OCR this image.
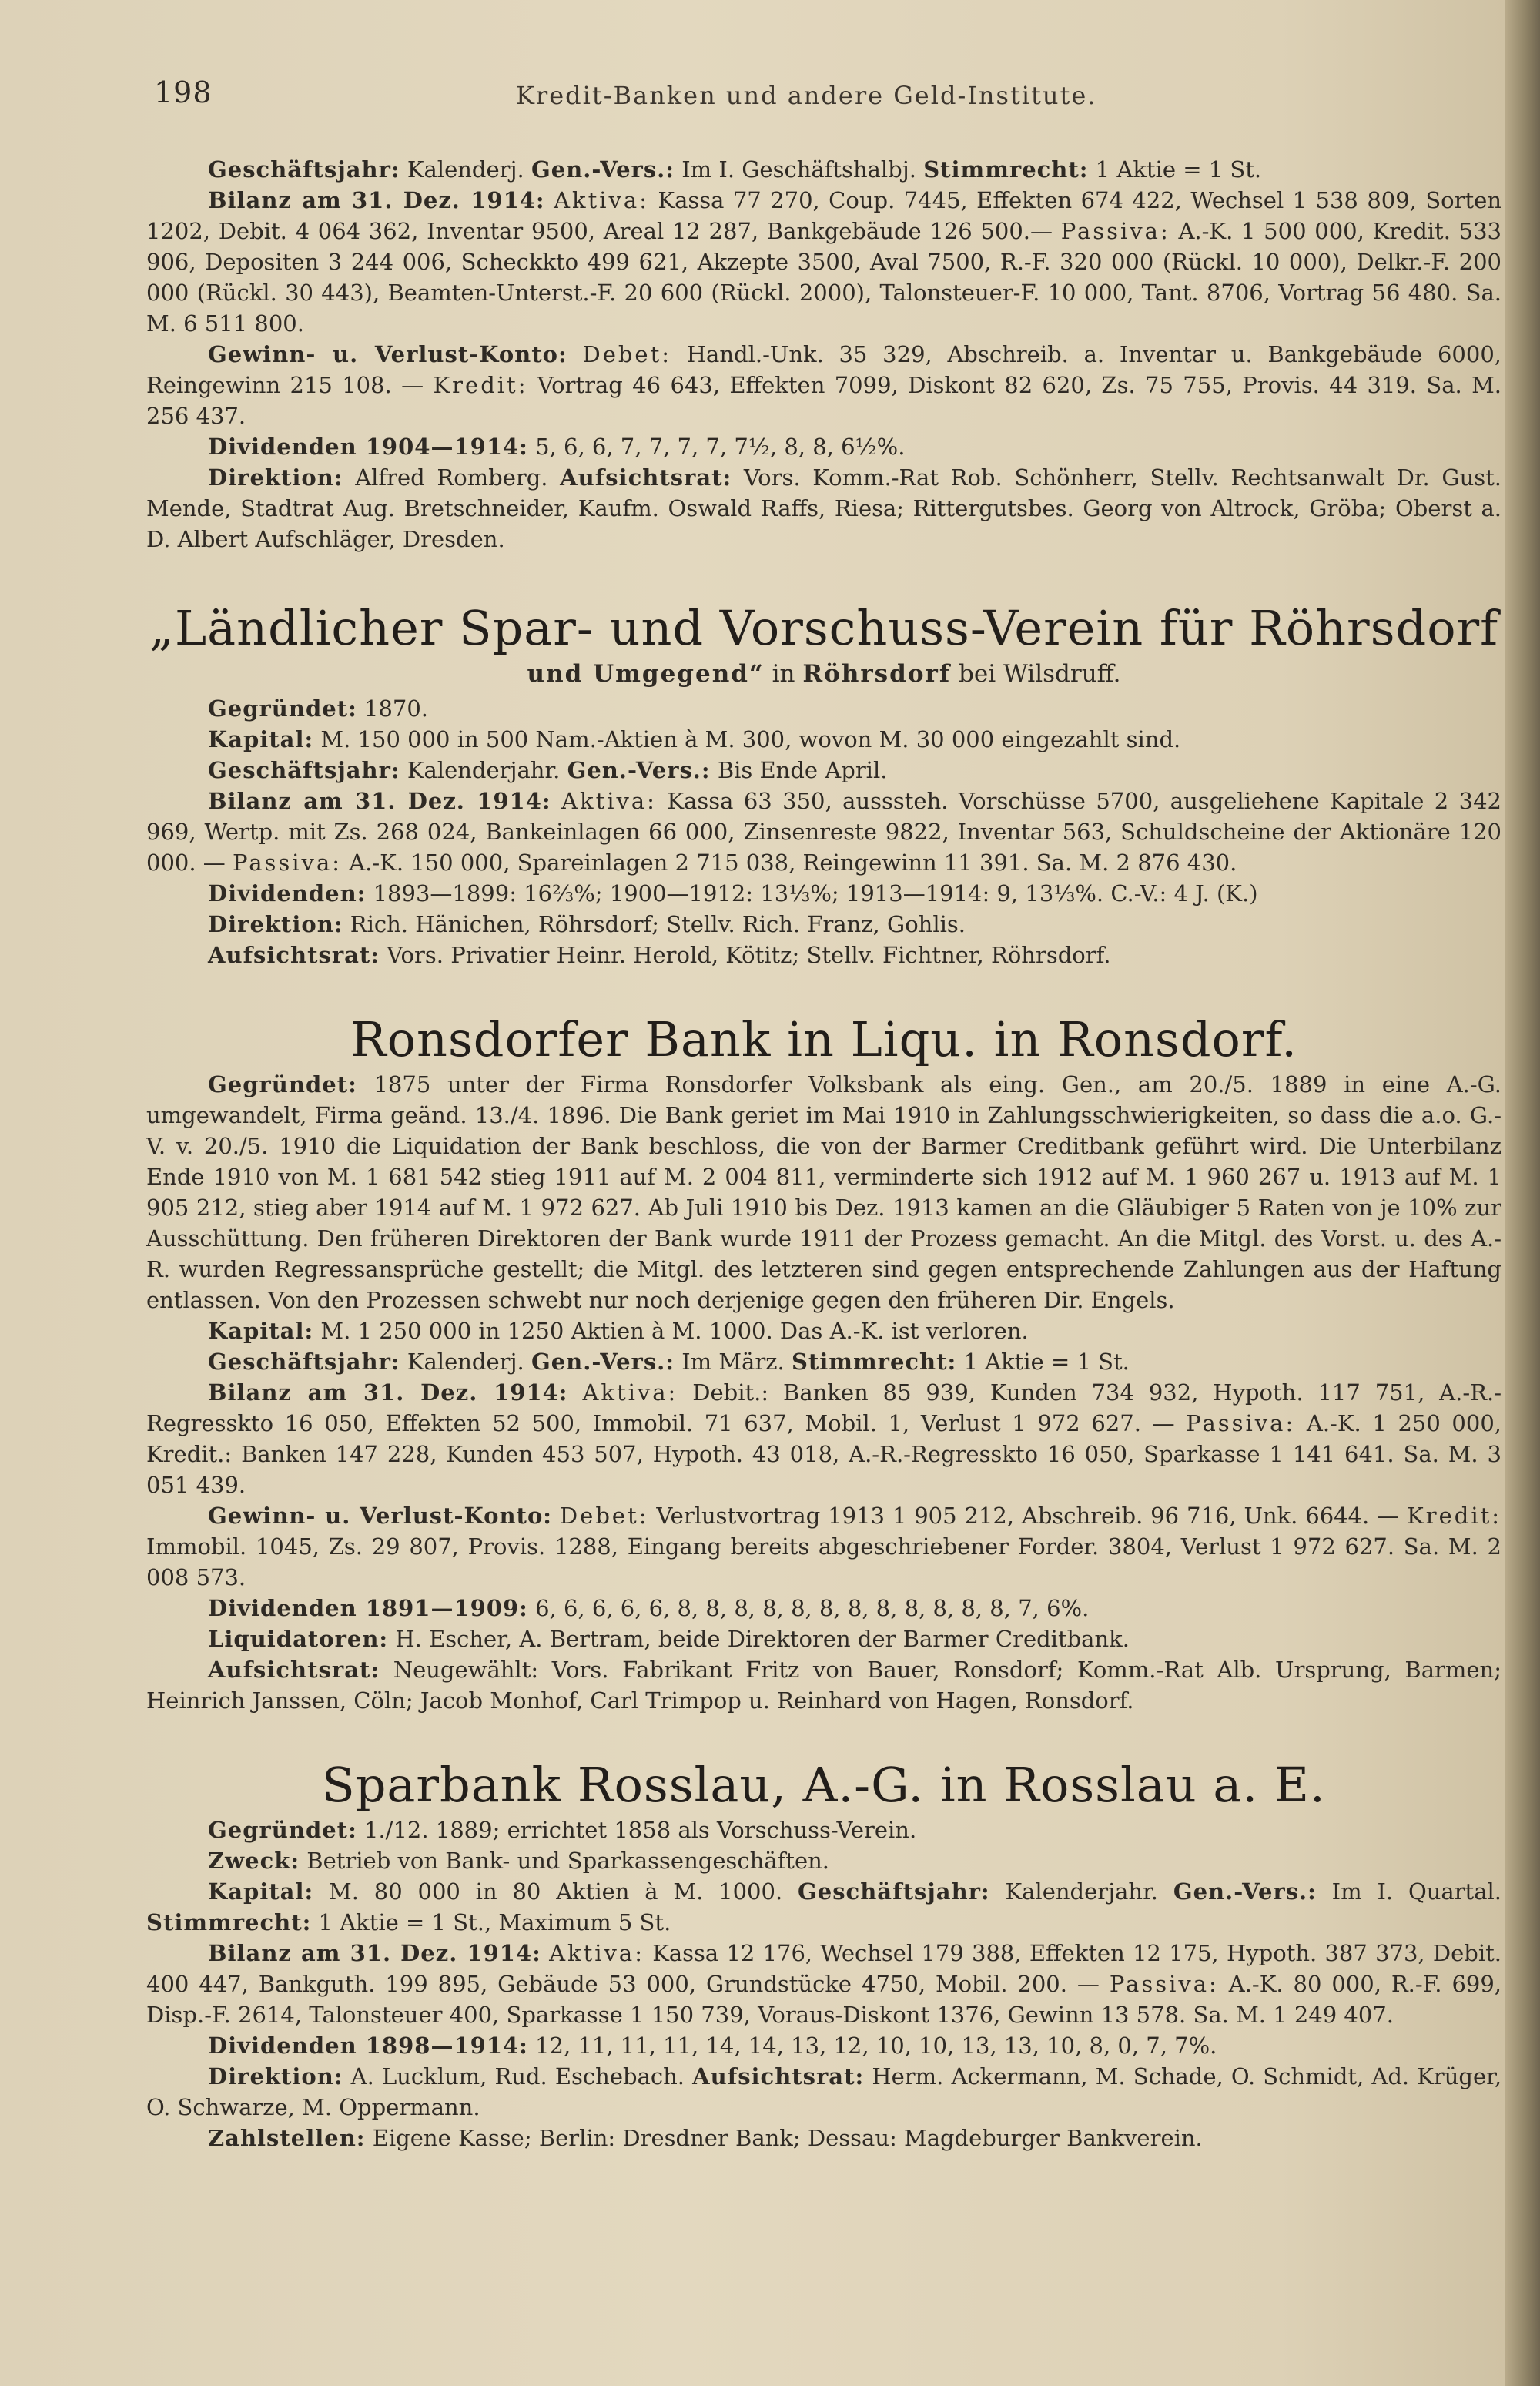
198	Kredit-Banken und andere Geld-Institute.

Geschäftsjahr: Kalenderj. Gen.-Vers.: Im I. Geschäftshalbj. Stimmrecht: 1 Aktie = 1 St.

Bilanz am 31. Dez. 1914: Aktiva: Kassa 77 270, Coup. 7445, Effekten 674 422, Wechsel 1 538 809, Sorten 1202, Debit. 4 064 362, Inventar 9500, Areal 12 287, Bankgebäude 126 500.— Passiva: A.-K. 1 500 000, Kredit. 533 906, Depositen 3 244 006, Scheckkto 499 621, Akzepte 3500, Aval 7500, R.-F. 320 000 (Rückl. 10 000), Delkr.-F. 200 000 (Rückl. 30 443), Beamten-Unterst.-F. 20 600 (Rückl. 2000), Talonsteuer-F. 10 000, Tant. 8706, Vortrag 56 480. Sa. M. 6 511 800.

Gewinn- u. Verlust-Konto: Debet: Handl.-Unk. 35 329, Abschreib. a. Inventar u. Bankgebäude 6000, Reingewinn 215 108. — Kredit: Vortrag 46 643, Effekten 7099, Diskont 82 620, Zs. 75 755, Provis. 44 319. Sa. M. 256 437.

Dividenden 1904—1914: 5, 6, 6, 7, 7, 7, 7, 7½, 8, 8, 6½%.

Direktion: Alfred Romberg. Aufsichtsrat: Vors. Komm.-Rat Rob. Schönherr, Stellv. Rechtsanwalt Dr. Gust. Mende, Stadtrat Aug. Bretschneider, Kaufm. Oswald Raffs, Riesa; Rittergutsbes. Georg von Altrock, Gröba; Oberst a. D. Albert Aufschläger, Dresden.

„Ländlicher Spar- und Vorschuss-Verein für Röhrsdorf
und Umgegend“ in Röhrsdorf bei Wilsdruff.

Gegründet: 1870.

Kapital: M. 150 000 in 500 Nam.-Aktien à M. 300, wovon M. 30 000 eingezahlt sind.

Geschäftsjahr: Kalenderjahr. Gen.-Vers.: Bis Ende April.

Bilanz am 31. Dez. 1914: Aktiva: Kassa 63 350, ausssteh. Vorschüsse 5700, ausgeliehene Kapitale 2 342 969, Wertp. mit Zs. 268 024, Bankeinlagen 66 000, Zinsenreste 9822, Inventar 563, Schuldscheine der Aktionäre 120 000. — Passiva: A.-K. 150 000, Spareinlagen 2 715 038, Reingewinn 11 391. Sa. M. 2 876 430.

Dividenden: 1893—1899: 16⅔%; 1900—1912: 13⅓%; 1913—1914: 9, 13⅓%. C.-V.: 4 J. (K.)

Direktion: Rich. Hänichen, Röhrsdorf; Stellv. Rich. Franz, Gohlis.

Aufsichtsrat: Vors. Privatier Heinr. Herold, Kötitz; Stellv. Fichtner, Röhrsdorf.

Ronsdorfer Bank in Liqu. in Ronsdorf.

Gegründet: 1875 unter der Firma Ronsdorfer Volksbank als eing. Gen., am 20./5. 1889 in eine A.-G. umgewandelt, Firma geänd. 13./4. 1896. Die Bank geriet im Mai 1910 in Zahlungsschwierigkeiten, so dass die a.o. G.-V. v. 20./5. 1910 die Liquidation der Bank beschloss, die von der Barmer Creditbank geführt wird. Die Unterbilanz Ende 1910 von M. 1 681 542 stieg 1911 auf M. 2 004 811, verminderte sich 1912 auf M. 1 960 267 u. 1913 auf M. 1 905 212, stieg aber 1914 auf M. 1 972 627. Ab Juli 1910 bis Dez. 1913 kamen an die Gläubiger 5 Raten von je 10% zur Ausschüttung. Den früheren Direktoren der Bank wurde 1911 der Prozess gemacht. An die Mitgl. des Vorst. u. des A.-R. wurden Regressansprüche gestellt; die Mitgl. des letzteren sind gegen entsprechende Zahlungen aus der Haftung entlassen. Von den Prozessen schwebt nur noch derjenige gegen den früheren Dir. Engels.

Kapital: M. 1 250 000 in 1250 Aktien à M. 1000. Das A.-K. ist verloren.

Geschäftsjahr: Kalenderj. Gen.-Vers.: Im März. Stimmrecht: 1 Aktie = 1 St.

Bilanz am 31. Dez. 1914: Aktiva: Debit.: Banken 85 939, Kunden 734 932, Hypoth. 117 751, A.-R.-Regresskto 16 050, Effekten 52 500, Immobil. 71 637, Mobil. 1, Verlust 1 972 627. — Passiva: A.-K. 1 250 000, Kredit.: Banken 147 228, Kunden 453 507, Hypoth. 43 018, A.-R.-Regresskto 16 050, Sparkasse 1 141 641. Sa. M. 3 051 439.

Gewinn- u. Verlust-Konto: Debet: Verlustvortrag 1913 1 905 212, Abschreib. 96 716, Unk. 6644. — Kredit: Immobil. 1045, Zs. 29 807, Provis. 1288, Eingang bereits abgeschriebener Forder. 3804, Verlust 1 972 627. Sa. M. 2 008 573.

Dividenden 1891—1909: 6, 6, 6, 6, 6, 8, 8, 8, 8, 8, 8, 8, 8, 8, 8, 8, 8, 7, 6%.

Liquidatoren: H. Escher, A. Bertram, beide Direktoren der Barmer Creditbank.

Aufsichtsrat: Neugewählt: Vors. Fabrikant Fritz von Bauer, Ronsdorf; Komm.-Rat Alb. Ursprung, Barmen; Heinrich Janssen, Cöln; Jacob Monhof, Carl Trimpop u. Reinhard von Hagen, Ronsdorf.

Sparbank Rosslau, A.-G. in Rosslau a. E.

Gegründet: 1./12. 1889; errichtet 1858 als Vorschuss-Verein.

Zweck: Betrieb von Bank- und Sparkassengeschäften.

Kapital: M. 80 000 in 80 Aktien à M. 1000. Geschäftsjahr: Kalenderjahr. Gen.-Vers.: Im I. Quartal. Stimmrecht: 1 Aktie = 1 St., Maximum 5 St.

Bilanz am 31. Dez. 1914: Aktiva: Kassa 12 176, Wechsel 179 388, Effekten 12 175, Hypoth. 387 373, Debit. 400 447, Bankguth. 199 895, Gebäude 53 000, Grundstücke 4750, Mobil. 200. — Passiva: A.-K. 80 000, R.-F. 699, Disp.-F. 2614, Talonsteuer 400, Sparkasse 1 150 739, Voraus-Diskont 1376, Gewinn 13 578. Sa. M. 1 249 407.

Dividenden 1898—1914: 12, 11, 11, 11, 14, 14, 13, 12, 10, 10, 13, 13, 10, 8, 0, 7, 7%.

Direktion: A. Lucklum, Rud. Eschebach. Aufsichtsrat: Herm. Ackermann, M. Schade, O. Schmidt, Ad. Krüger, O. Schwarze, M. Oppermann.

Zahlstellen: Eigene Kasse; Berlin: Dresdner Bank; Dessau: Magdeburger Bankverein.
